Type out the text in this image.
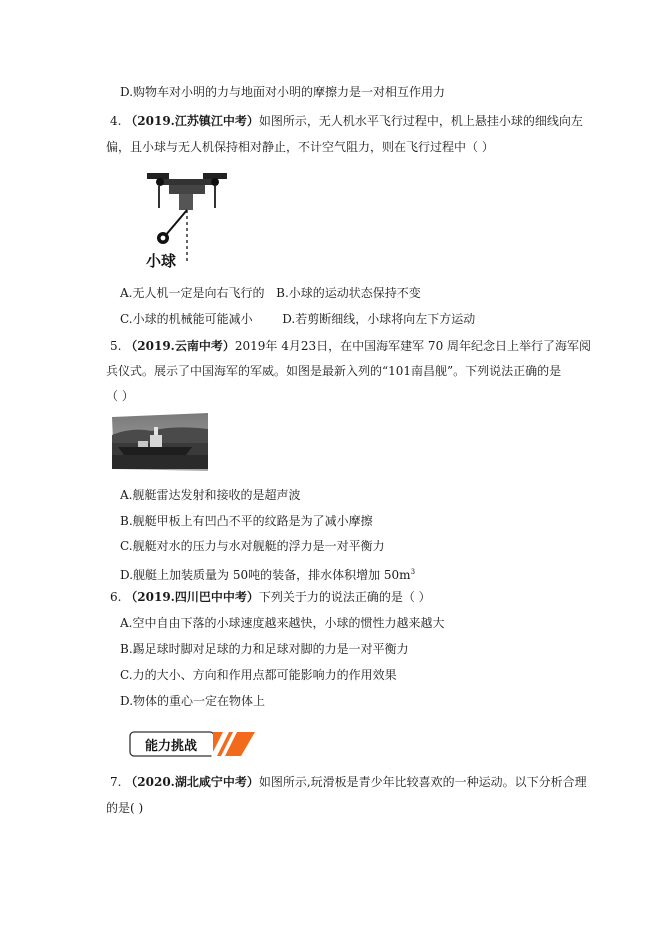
D.购物车对小明的力与地面对小明的摩擦力是一对相互作用力
4. （2019.江苏镇江中考）如图所示，无人机水平飞行过程中，机上悬挂小球的细线向左
偏，且小球与无人机保持相对静止，不计空气阻力，则在飞行过程中（ ）
小球
A.无人机一定是向右飞行的 B.小球的运动状态保持不变
C.小球的机械能可能减小 D.若剪断细线，小球将向左下方运动
5. （2019.云南中考）2019年 4月23日，在中国海军建军 70 周年纪念日上举行了海军阅
兵仪式。展示了中国海军的军威。如图是最新入列的“101南昌舰”。下列说法正确的是
（ ）
A.舰艇雷达发射和接收的是超声波
B.舰艇甲板上有凹凸不平的纹路是为了减小摩擦
C.舰艇对水的压力与水对舰艇的浮力是一对平衡力
D.舰艇上加装质量为 50吨的装备，排水体积增加 $50m^3$
6. （2019.四川巴中中考）下列关于力的说法正确的是（ ）
A.空中自由下落的小球速度越来越快，小球的惯性力越来越大
B.踢足球时脚对足球的力和足球对脚的力是一对平衡力
C.力的大小、方向和作用点都可能影响力的作用效果
D.物体的重心一定在物体上
能力挑战
7. （2020.湖北咸宁中考）如图所示,玩滑板是青少年比较喜欢的一种运动。以下分析合理
的是( )
